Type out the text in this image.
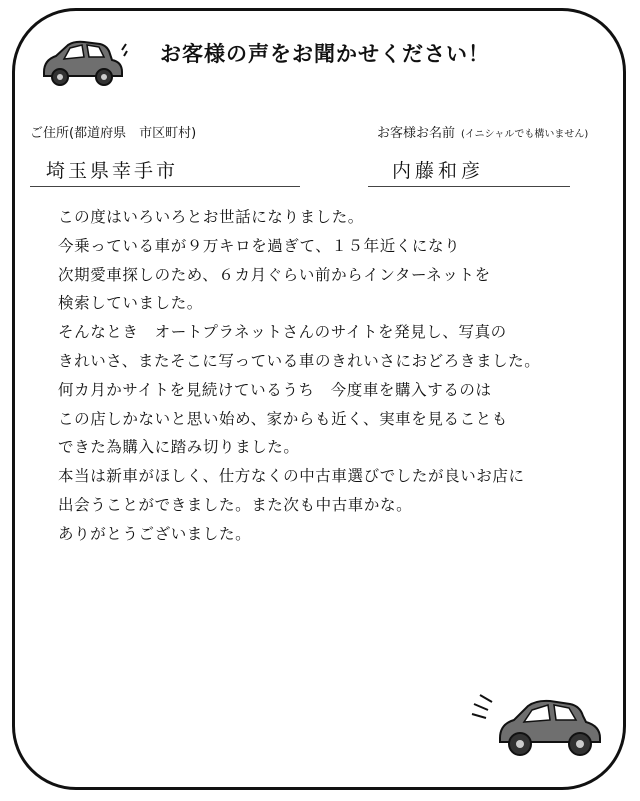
お客様の声をお聞かせください！
ご住所(都道府県　市区町村)	お客様お名前 (イニシャルでも構いません)
埼玉県幸手市	内藤和彦
この度はいろいろとお世話になりました。
今乗っている車が９万キロを過ぎて、１５年近くになり
次期愛車探しのため、６カ月ぐらい前からインターネットを
検索していました。
そんなとき　オートプラネットさんのサイトを発見し、写真の
きれいさ、またそこに写っている車のきれいさにおどろきました。
何カ月かサイトを見続けているうち　今度車を購入するのは
この店しかないと思い始め、家からも近く、実車を見ることも
できた為購入に踏み切りました。
本当は新車がほしく、仕方なくの中古車選びでしたが良いお店に
出会うことができました。また次も中古車かな。
ありがとうございました。
